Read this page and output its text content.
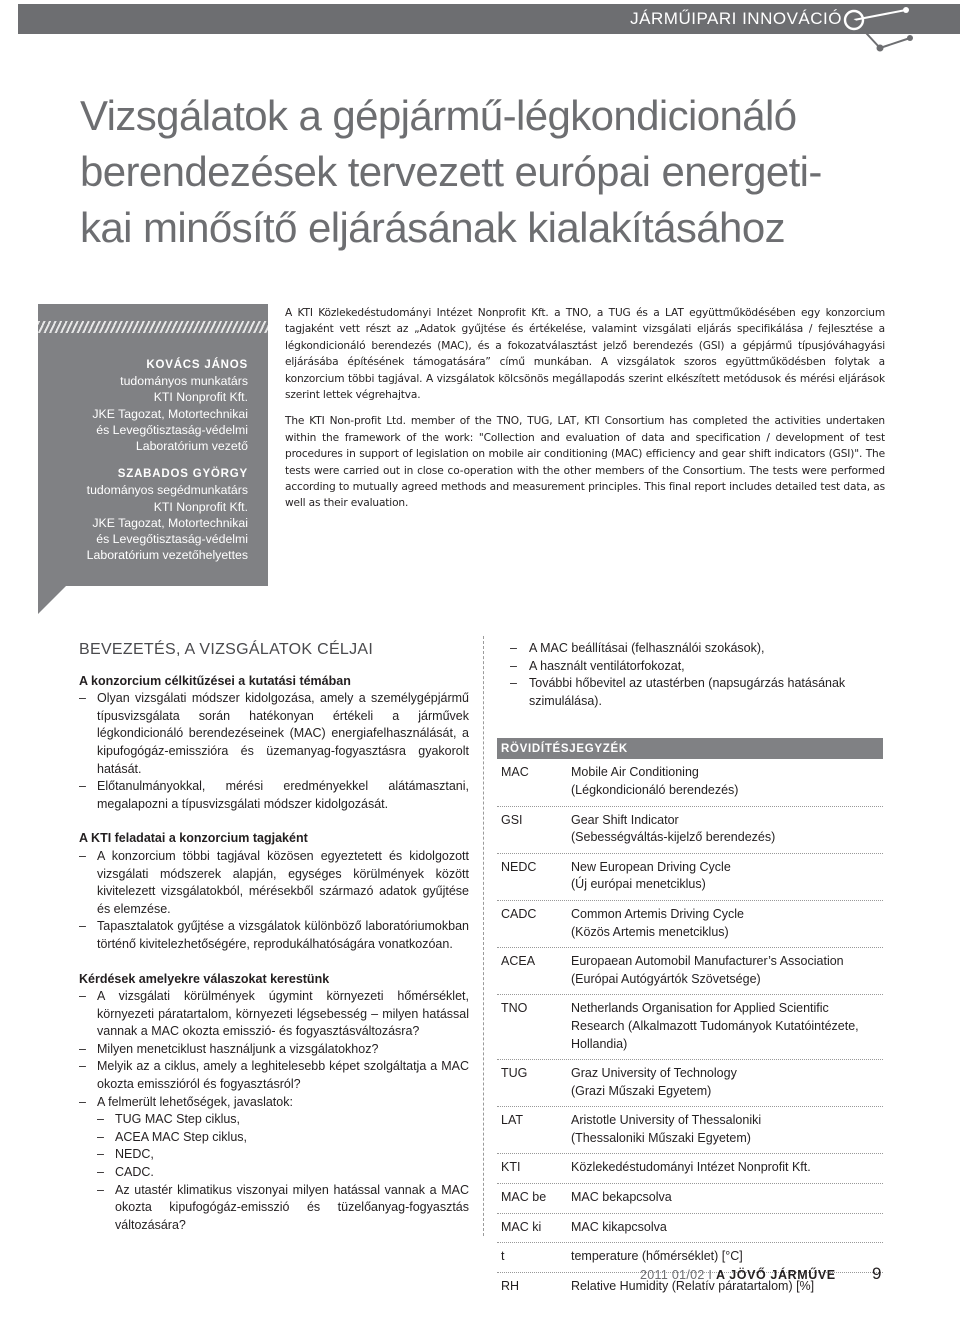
JÁRMŰIPARI INNOVÁCIÓ
Vizsgálatok a gépjármű-légkondicionáló
berendezések tervezett európai energeti-
kai minősítő eljárásának kialakításához
KOVÁCS JÁNOS
tudományos munkatárs
KTI Nonprofit Kft.
JKE Tagozat, Motortechnikai
és Levegőtisztaság-védelmi
Laboratórium vezető
SZABADOS GYÖRGY
tudományos segédmunkatárs
KTI Nonprofit Kft.
JKE Tagozat, Motortechnikai
és Levegőtisztaság-védelmi
Laboratórium vezetőhelyettes

A KTI Közlekedéstudományi Intézet Nonprofit Kft. a TNO, a TUG és a LAT együttműködésében egy konzorcium tagjaként vett részt az „Adatok gyűjtése és értékelése, valamint vizsgálati eljárás specifikálása / fejlesztése a légkondicionáló berendezés (MAC), és a fokozatválasztást jelző berendezés (GSI) a gépjármű típusjóváhagyási eljárásába építésének támogatására” című munkában. A vizsgálatok szoros együttműködésben folytak a konzorcium többi tagjával. A vizsgálatok kölcsönös megállapodás szerint elkészített metódusok és mérési eljárások szerint lettek végrehajtva.

The KTI Non-profit Ltd. member of the TNO, TUG, LAT, KTI Consortium has completed the activities undertaken within the framework of the work: "Collection and evaluation of data and specification / development of test procedures in support of legislation on mobile air conditioning (MAC) efficiency and gear shift indicators (GSI)". The tests were carried out in close co-operation with the other members of the Consortium. The tests were performed according to mutually agreed methods and measurement principles. This final report includes detailed test data, as well as their evaluation.

BEVEZETÉS, A VIZSGÁLATOK CÉLJAI
A konzorcium célkitűzései a kutatási témában
– Olyan vizsgálati módszer kidolgozása, amely a személygépjármű típusvizsgálata során hatékonyan értékeli a járművek légkondicionáló berendezéseinek (MAC) energiafelhasználását, a kipufogógáz-emisszióra és üzemanyag-fogyasztásra gyakorolt hatását.
– Előtanulmányokkal, mérési eredményekkel alátámasztani, megalapozni a típusvizsgálati módszer kidolgozását.
A KTI feladatai a konzorcium tagjaként
– A konzorcium többi tagjával közösen egyeztetett és kidolgozott vizsgálati módszerek alapján, egységes körülmények között kivitelezett vizsgálatokból, mérésekből származó adatok gyűjtése és elemzése.
– Tapasztalatok gyűjtése a vizsgálatok különböző laboratóriumokban történő kivitelezhetőségére, reprodukálhatóságára vonatkozóan.
Kérdések amelyekre válaszokat kerestünk
– A vizsgálati körülmények úgymint környezeti hőmérséklet, környezeti páratartalom, környezeti légsebesség – milyen hatással vannak a MAC okozta emisszió- és fogyasztásváltozásra?
– Milyen menetciklust használjunk a vizsgálatokhoz?
– Melyik az a ciklus, amely a leghitelesebb képet szolgáltatja a MAC okozta emisszióról és fogyasztásról?
– A felmerült lehetőségek, javaslatok:
– TUG MAC Step ciklus,
– ACEA MAC Step ciklus,
– NEDC,
– CADC.
– Az utastér klimatikus viszonyai milyen hatással vannak a MAC okozta kipufogógáz-emisszió és tüzelőanyag-fogyasztás változására?
– A MAC beállításai (felhasználói szokások),
– A használt ventilátorfokozat,
– További hőbevitel az utastérben (napsugárzás hatásának szimulálása).
RÖVIDÍTÉSJEGYZÉK
MAC	Mobile Air Conditioning
(Légkondicionáló berendezés)
GSI	Gear Shift Indicator
(Sebességváltás-kijelző berendezés)
NEDC	New European Driving Cycle
(Új európai menetciklus)
CADC	Common Artemis Driving Cycle
(Közös Artemis menetciklus)
ACEA	Europaean Automobil Manufacturer’s Association
(Európai Autógyártók Szövetsége)
TNO	Netherlands Organisation for Applied Scientific Research (Alkalmazott Tudományok Kutatóintézete, Hollandia)
TUG	Graz University of Technology
(Grazi Műszaki Egyetem)
LAT	Aristotle University of Thessaloniki
(Thessaloniki Műszaki Egyetem)
KTI	Közlekedéstudományi Intézet Nonprofit Kft.
MAC be	MAC bekapcsolva
MAC ki	MAC kikapcsolva
t	temperature (hőmérséklet) [°C]
RH	Relative Humidity (Relatív páratartalom) [%]
2011 01/02 I A JÖVŐ JÁRMŰVE 9
